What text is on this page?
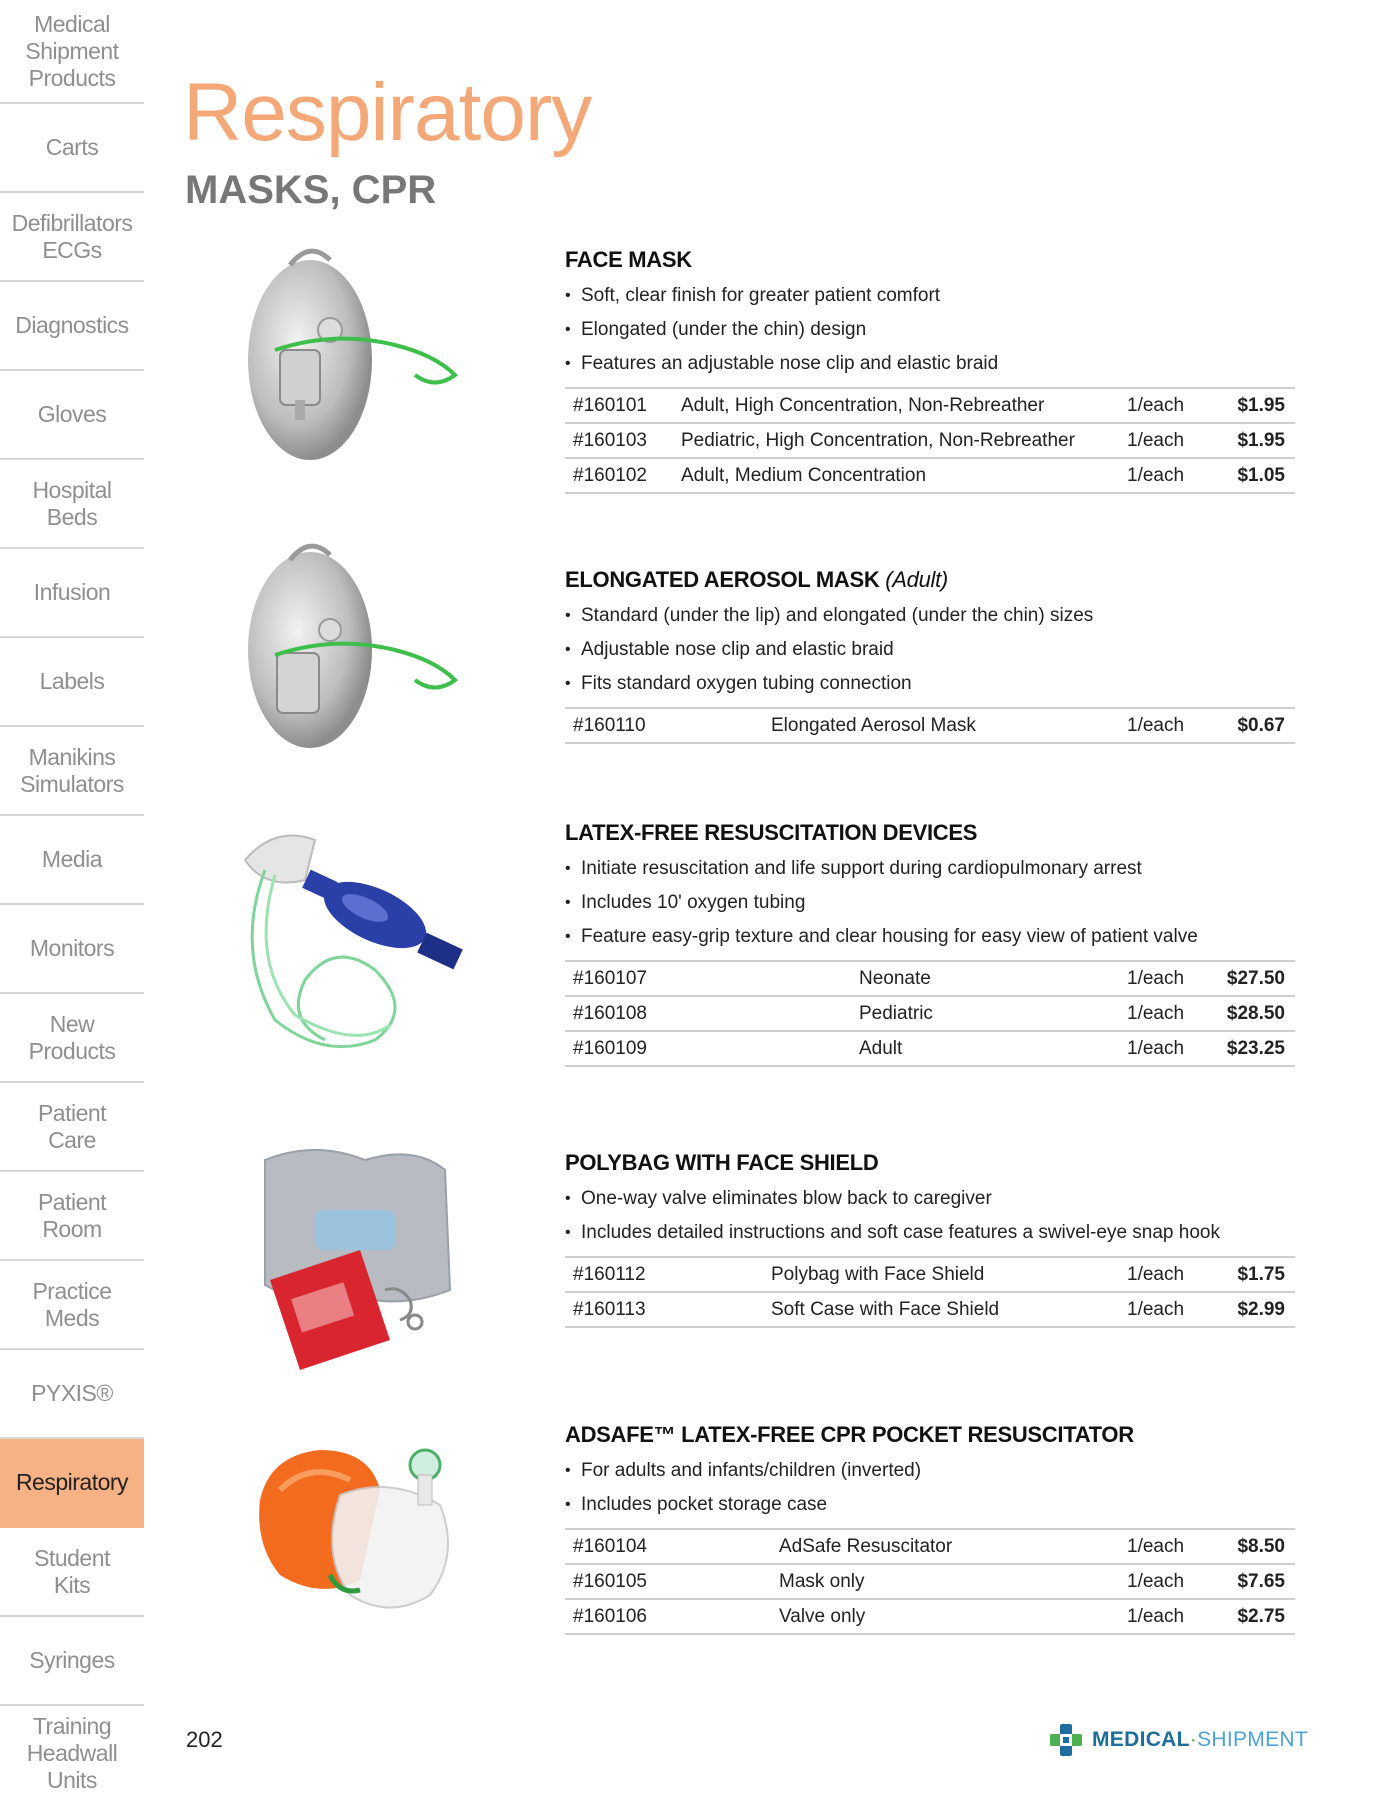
Medical
Shipment
Products
Carts
Defibrillators
ECGs
Diagnostics
Gloves
Hospital
Beds
Infusion
Labels
Manikins
Simulators
Media
Monitors
New
Products
Patient
Care
Patient
Room
Practice
Meds
PYXIS®
Respiratory
Student
Kits
Syringes
Training
Headwall
Units
Respiratory
MASKS, CPR
FACE MASK
• Soft, clear finish for greater patient comfort
• Elongated (under the chin) design
• Features an adjustable nose clip and elastic braid
#160101	Adult, High Concentration, Non-Rebreather	1/each	$1.95
#160103	Pediatric, High Concentration, Non-Rebreather	1/each	$1.95
#160102	Adult, Medium Concentration	1/each	$1.05
ELONGATED AEROSOL MASK (Adult)
• Standard (under the lip) and elongated (under the chin) sizes
• Adjustable nose clip and elastic braid
• Fits standard oxygen tubing connection
#160110	Elongated Aerosol Mask	1/each	$0.67
LATEX-FREE RESUSCITATION DEVICES
• Initiate resuscitation and life support during cardiopulmonary arrest
• Includes 10' oxygen tubing
• Feature easy-grip texture and clear housing for easy view of patient valve
#160107	Neonate	1/each	$27.50
#160108	Pediatric	1/each	$28.50
#160109	Adult	1/each	$23.25
POLYBAG WITH FACE SHIELD
• One-way valve eliminates blow back to caregiver
• Includes detailed instructions and soft case features a swivel-eye snap hook
#160112	Polybag with Face Shield	1/each	$1.75
#160113	Soft Case with Face Shield	1/each	$2.99
ADSAFE™ LATEX-FREE CPR POCKET RESUSCITATOR
• For adults and infants/children (inverted)
• Includes pocket storage case
#160104	AdSafe Resuscitator	1/each	$8.50
#160105	Mask only	1/each	$7.65
#160106	Valve only	1/each	$2.75
202	MEDICAL·SHIPMENT
